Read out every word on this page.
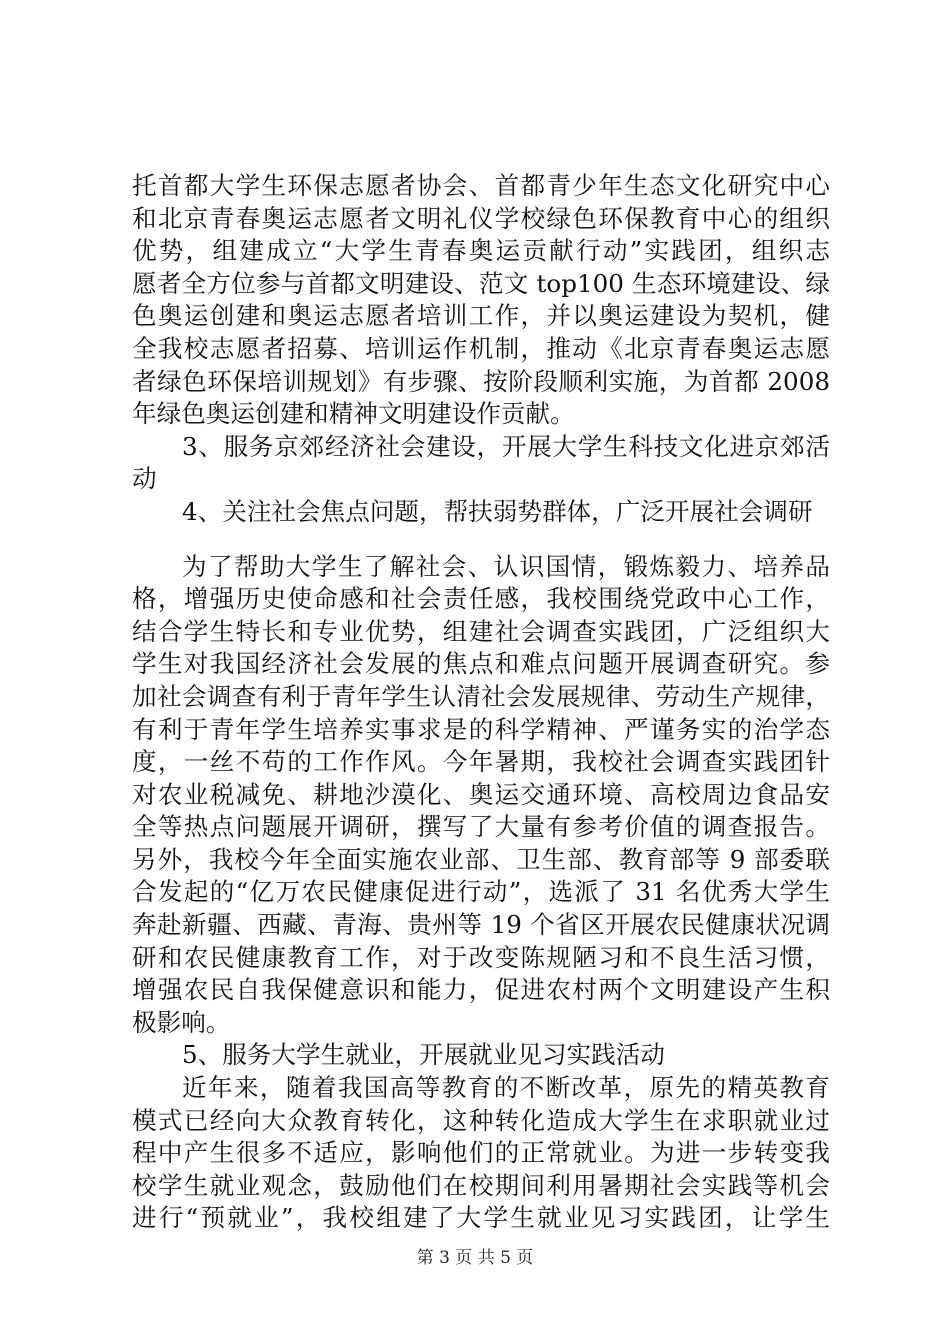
托首都大学生环保志愿者协会、首都青少年生态文化研究中心
和北京青春奥运志愿者文明礼仪学校绿色环保教育中心的组织
优势，组建成立“大学生青春奥运贡献行动”实践团，组织志
愿者全方位参与首都文明建设、范文 top100 生态环境建设、绿
色奥运创建和奥运志愿者培训工作，并以奥运建设为契机，健
全我校志愿者招募、培训运作机制，推动《北京青春奥运志愿
者绿色环保培训规划》有步骤、按阶段顺利实施，为首都 2008
年绿色奥运创建和精神文明建设作贡献。
3、服务京郊经济社会建设，开展大学生科技文化进京郊活
动
4、关注社会焦点问题，帮扶弱势群体，广泛开展社会调研
为了帮助大学生了解社会、认识国情，锻炼毅力、培养品
格，增强历史使命感和社会责任感，我校围绕党政中心工作，
结合学生特长和专业优势，组建社会调查实践团，广泛组织大
学生对我国经济社会发展的焦点和难点问题开展调查研究。参
加社会调查有利于青年学生认清社会发展规律、劳动生产规律，
有利于青年学生培养实事求是的科学精神、严谨务实的治学态
度，一丝不苟的工作作风。今年暑期，我校社会调查实践团针
对农业税减免、耕地沙漠化、奥运交通环境、高校周边食品安
全等热点问题展开调研，撰写了大量有参考价值的调查报告。
另外，我校今年全面实施农业部、卫生部、教育部等 9 部委联
合发起的“亿万农民健康促进行动”，选派了 31 名优秀大学生
奔赴新疆、西藏、青海、贵州等 19 个省区开展农民健康状况调
研和农民健康教育工作，对于改变陈规陋习和不良生活习惯，
增强农民自我保健意识和能力，促进农村两个文明建设产生积
极影响。
5、服务大学生就业，开展就业见习实践活动
近年来，随着我国高等教育的不断改革，原先的精英教育
模式已经向大众教育转化，这种转化造成大学生在求职就业过
程中产生很多不适应，影响他们的正常就业。为进一步转变我
校学生就业观念，鼓励他们在校期间利用暑期社会实践等机会
进行“预就业”，我校组建了大学生就业见习实践团，让学生
第 3 页 共 5 页
